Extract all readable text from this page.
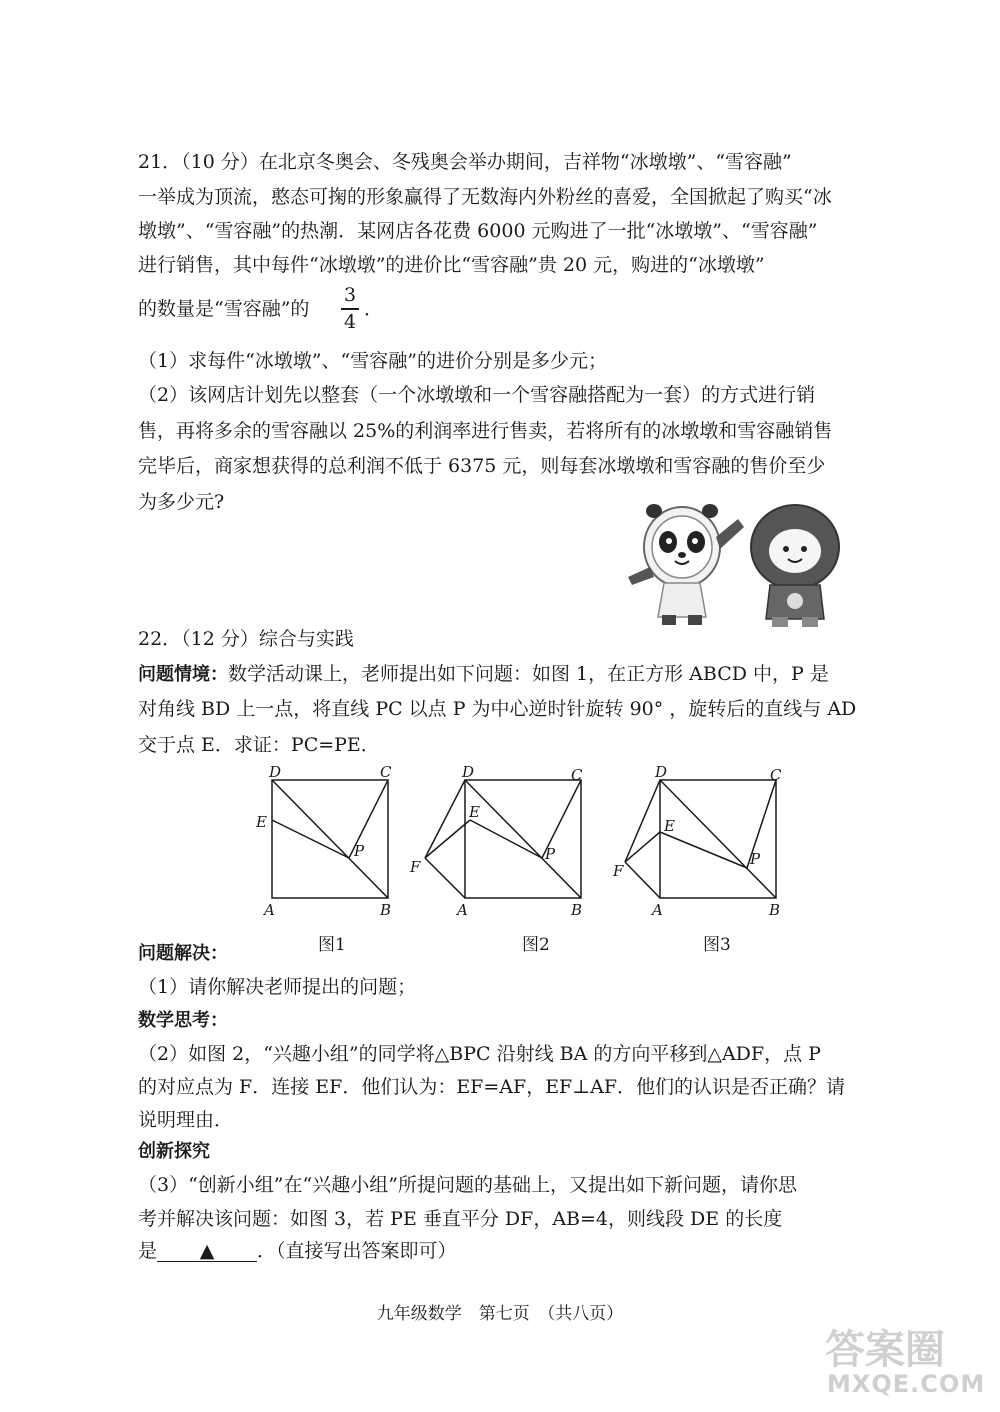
21．（10 分）在北京冬奥会、冬残奥会举办期间，吉祥物“冰墩墩”、“雪容融”
一举成为顶流，憨态可掬的形象赢得了无数海内外粉丝的喜爱，全国掀起了购买“冰
墩墩”、“雪容融”的热潮．某网店各花费 6000 元购进了一批“冰墩墩”、“雪容融”
进行销售，其中每件“冰墩墩”的进价比“雪容融”贵 20 元，购进的“冰墩墩”
的数量是“雪容融”的
3
4
．
（1）求每件“冰墩墩”、“雪容融”的进价分别是多少元；
（2）该网店计划先以整套（一个冰墩墩和一个雪容融搭配为一套）的方式进行销
售，再将多余的雪容融以 25%的利润率进行售卖，若将所有的冰墩墩和雪容融销售
完毕后，商家想获得的总利润不低于 6375 元，则每套冰墩墩和雪容融的售价至少
为多少元?
22．（12 分）综合与实践
问题情境：数学活动课上，老师提出如下问题：如图 1，在正方形 ABCD 中，P 是
对角线 BD 上一点，将直线 PC 以点 P 为中心逆时针旋转 90° ，旋转后的直线与 AD
交于点 E．求证：PC=PE．
D	C
E
P
A	B
图1
D	C
E
P
A	B
F
图2
D	C
E
P
A	B
F
图3
问题解决：
（1）请你解决老师提出的问题；
数学思考：
（2）如图 2，“兴趣小组”的同学将△BPC 沿射线 BA 的方向平移到△ADF，点 P
的对应点为 F．连接 EF．他们认为：EF=AF，EF⊥AF．他们的认识是否正确？请
说明理由．
创新探究
（3）“创新小组”在“兴趣小组”所提问题的基础上，又提出如下新问题，请你思
考并解决该问题：如图 3，若 PE 垂直平分 DF，AB=4，则线段 DE 的长度
是 ▲ ．（直接写出答案即可）
九年级数学　第七页　（共八页）
答案圈
MXQE.COM
